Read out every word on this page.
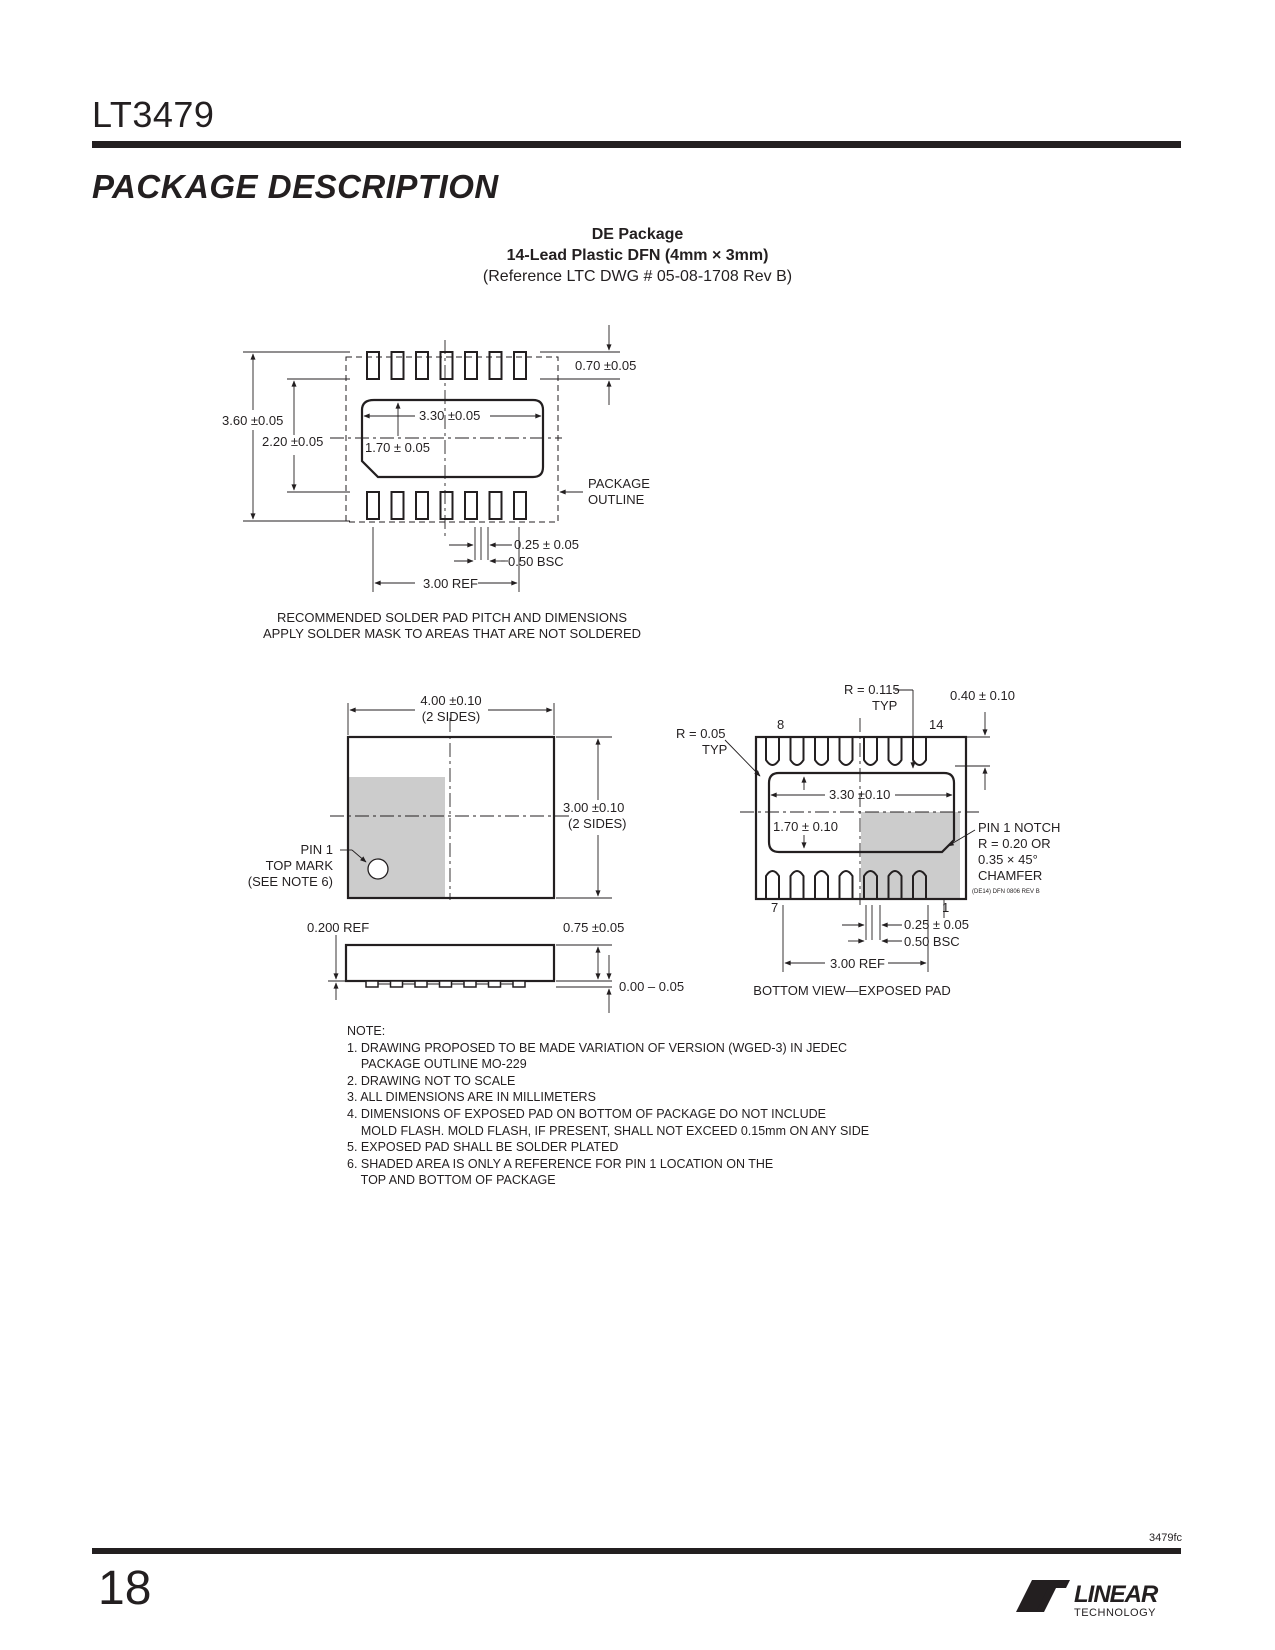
LT3479
PACKAGE DESCRIPTION
DE Package
14-Lead Plastic DFN (4mm × 3mm)
(Reference LTC DWG # 05-08-1708 Rev B)
3.60 ±0.05
2.20 ±0.05
0.70 ±0.05
3.30 ±0.05
1.70 ± 0.05
PACKAGE
OUTLINE
0.25 ± 0.05
0.50 BSC
3.00 REF
RECOMMENDED SOLDER PAD PITCH AND DIMENSIONS
APPLY SOLDER MASK TO AREAS THAT ARE NOT SOLDERED
4.00 ±0.10
(2 SIDES)
3.00 ±0.10
(2 SIDES)
PIN 1
TOP MARK
(SEE NOTE 6)
0.200 REF	0.75 ±0.05
0.00 – 0.05
R = 0.115
TYP
0.40 ± 0.10
8	14
R = 0.05
TYP
3.30 ±0.10
1.70 ± 0.10	PIN 1 NOTCH
R = 0.20 OR
0.35 × 45°
CHAMFER
(DE14) DFN 0806 REV B
7	1
0.25 ± 0.05
0.50 BSC
3.00 REF
BOTTOM VIEW—EXPOSED PAD
NOTE:
1. DRAWING PROPOSED TO BE MADE VARIATION OF VERSION (WGED-3) IN JEDEC
PACKAGE OUTLINE MO-229
2. DRAWING NOT TO SCALE
3. ALL DIMENSIONS ARE IN MILLIMETERS
4. DIMENSIONS OF EXPOSED PAD ON BOTTOM OF PACKAGE DO NOT INCLUDE
MOLD FLASH. MOLD FLASH, IF PRESENT, SHALL NOT EXCEED 0.15mm ON ANY SIDE
5. EXPOSED PAD SHALL BE SOLDER PLATED
6. SHADED AREA IS ONLY A REFERENCE FOR PIN 1 LOCATION ON THE
TOP AND BOTTOM OF PACKAGE
3479fc
18	LINEAR
TECHNOLOGY
